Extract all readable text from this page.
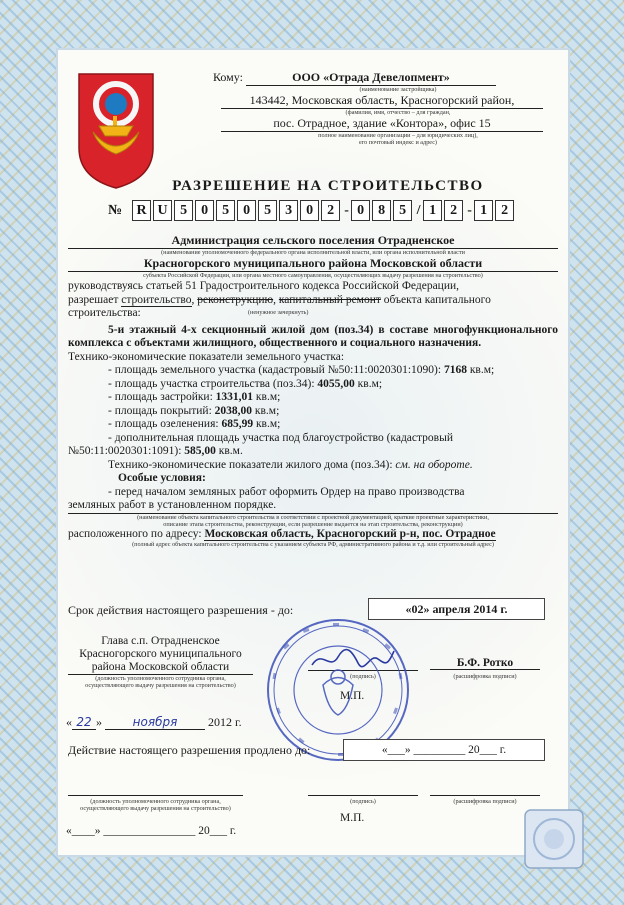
Кому:	ООО «Отрада Девелопмент»
(наименование застройщика)
143442, Московская область, Красногорский район,
(фамилия, имя, отчество – для граждан,
пос. Отрадное, здание «Контора», офис 15
полное наименование организации – для юридических лиц),
его почтовый индекс и адрес)
РАЗРЕШЕНИЕ НА СТРОИТЕЛЬСТВО
№ R U 5 0 5 0 5 3 0 2 - 0 8 5 / 1 2 - 1 2
Администрация сельского поселения Отрадненское
(наименование уполномоченного федерального органа исполнительной власти, или органа исполнительной власти
Красногорского муниципального района Московской области
субъекта Российской Федерации, или органа местного самоуправления, осуществляющих выдачу разрешения на строительство)
руководствуясь статьей 51 Градостроительного кодекса Российской Федерации,
разрешает строительство, реконструкцию, капитальный ремонт объекта капитального
строительства:	(ненужное зачеркнуть)
5-и этажный 4-х секционный жилой дом (поз.34) в составе многофункционального комплекса с объектами жилищного, общественного и социального назначения.
Технико-экономические показатели земельного участка:
- площадь земельного участка (кадастровый №50:11:0020301:1090): 7168 кв.м;
- площадь участка строительства (поз.34): 4055,00 кв.м;
- площадь застройки: 1331,01 кв.м;
- площадь покрытий: 2038,00 кв.м;
- площадь озеленения: 685,99 кв.м;
- дополнительная площадь участка под благоустройство (кадастровый
№50:11:0020301:1091): 585,00 кв.м.
Технико-экономические показатели жилого дома (поз.34): см. на обороте.
Особые условия:
- перед началом земляных работ оформить Ордер на право производства
земляных работ в установленном порядке.
(наименование объекта капитального строительства в соответствии с проектной документацией, краткие проектные характеристики,
описание этапа строительства, реконструкции, если разрешение выдается на этап строительства, реконструкции)
расположенного по адресу: Московская область, Красногорский р-н, пос. Отрадное
(полный адрес объекта капитального строительства с указанием субъекта РФ, административного района и т.д. или строительный адрес)
Срок действия настоящего разрешения - до:	«02» апреля 2014 г.
Глава с.п. Отрадненское
Красногорского муниципального
района Московской области
(должность уполномоченного сотрудника органа,
осуществляющего выдачу разрешения на строительство)
(подпись)
Б.Ф. Ротко
(расшифровка подписи)
М.П.
« 22 » ноября	2012 г.
Действие настоящего разрешения продлено до:	«___» _________ 20___ г.
(должность уполномоченного сотрудника органа,
осуществляющего выдачу разрешения на строительство)
(подпись)	(расшифровка подписи)
М.П.
«____» ________________ 20___ г.
